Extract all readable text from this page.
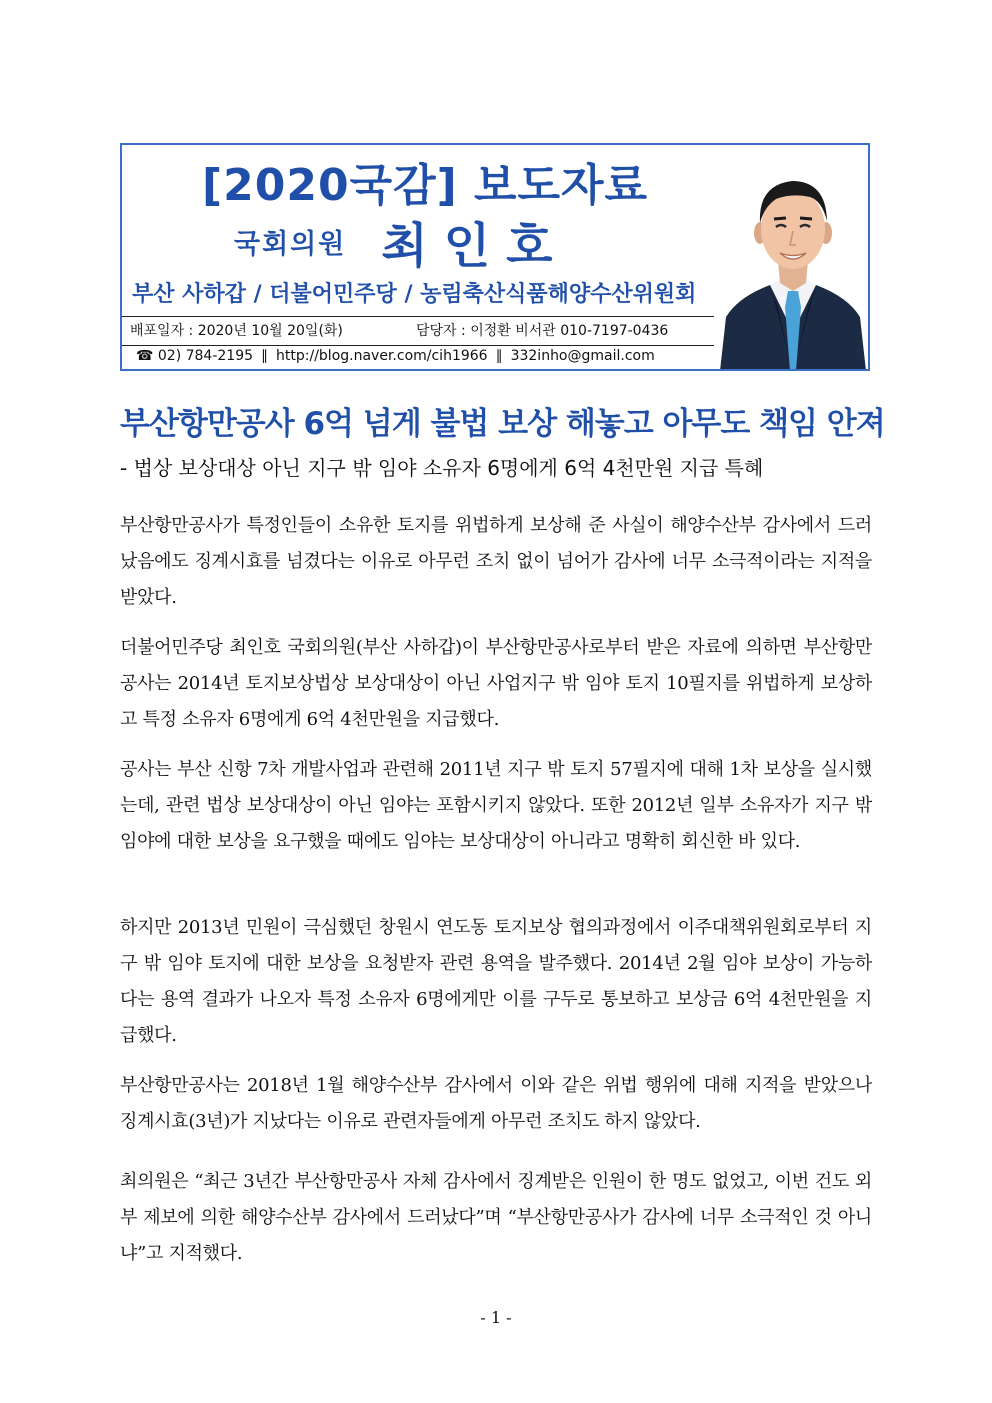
[2020국감] 보도자료
국회의원 최인호
부산 사하갑 / 더불어민주당 / 농림축산식품해양수산위원회
배포일자 : 2020년 10월 20일(화)	담당자 : 이정환 비서관 010-7197-0436
☎ 02) 784-2195 ∥ http://blog.naver.com/cih1966 ∥ 332inho@gmail.com
부산항만공사 6억 넘게 불법 보상 해놓고 아무도 책임 안져
- 법상 보상대상 아닌 지구 밖 임야 소유자 6명에게 6억 4천만원 지급 특혜

부산항만공사가 특정인들이 소유한 토지를 위법하게 보상해 준 사실이 해양수산부 감사에서 드러났음에도 징계시효를 넘겼다는 이유로 아무런 조치 없이 넘어가 감사에 너무 소극적이라는 지적을 받았다.

더불어민주당 최인호 국회의원(부산 사하갑)이 부산항만공사로부터 받은 자료에 의하면 부산항만공사는 2014년 토지보상법상 보상대상이 아닌 사업지구 밖 임야 토지 10필지를 위법하게 보상하고 특정 소유자 6명에게 6억 4천만원을 지급했다.

공사는 부산 신항 7차 개발사업과 관련해 2011년 지구 밖 토지 57필지에 대해 1차 보상을 실시했는데, 관련 법상 보상대상이 아닌 임야는 포함시키지 않았다. 또한 2012년 일부 소유자가 지구 밖 임야에 대한 보상을 요구했을 때에도 임야는 보상대상이 아니라고 명확히 회신한 바 있다.

하지만 2013년 민원이 극심했던 창원시 연도동 토지보상 협의과정에서 이주대책위원회로부터 지구 밖 임야 토지에 대한 보상을 요청받자 관련 용역을 발주했다. 2014년 2월 임야 보상이 가능하다는 용역 결과가 나오자 특정 소유자 6명에게만 이를 구두로 통보하고 보상금 6억 4천만원을 지급했다.

부산항만공사는 2018년 1월 해양수산부 감사에서 이와 같은 위법 행위에 대해 지적을 받았으나 징계시효(3년)가 지났다는 이유로 관련자들에게 아무런 조치도 하지 않았다.

최의원은 “최근 3년간 부산항만공사 자체 감사에서 징계받은 인원이 한 명도 없었고, 이번 건도 외부 제보에 의한 해양수산부 감사에서 드러났다”며 “부산항만공사가 감사에 너무 소극적인 것 아니냐”고 지적했다.

- 1 -
